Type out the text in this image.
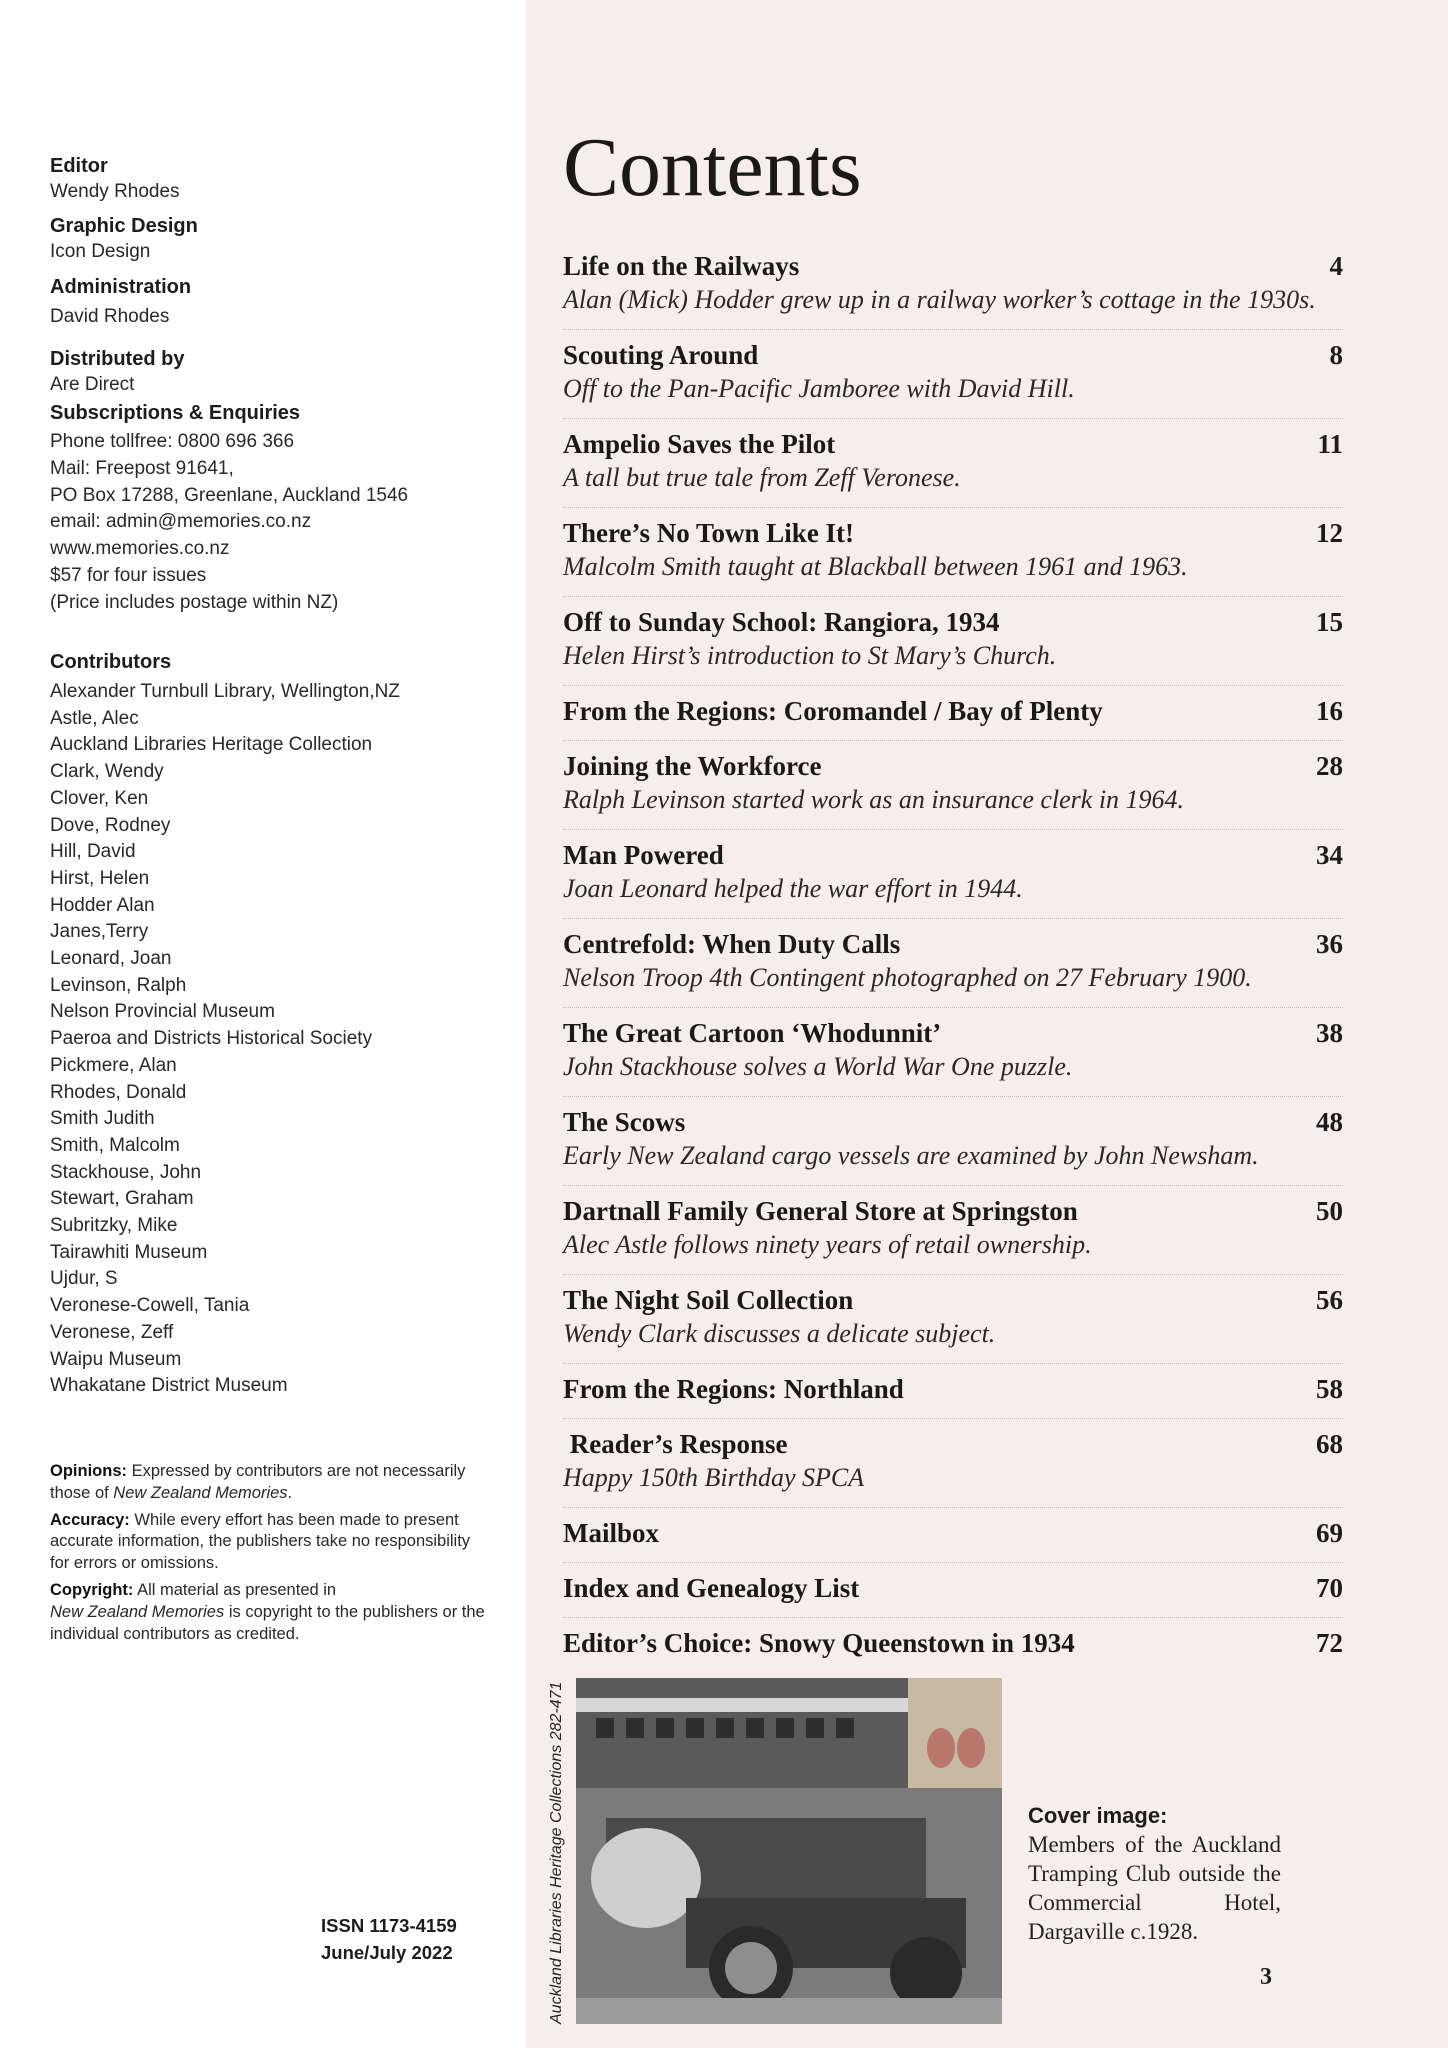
Editor
Wendy Rhodes
Graphic Design
Icon Design
Administration
David Rhodes
Distributed by
Are Direct
Subscriptions & Enquiries
Phone tollfree: 0800 696 366
Mail: Freepost 91641,
PO Box 17288, Greenlane, Auckland 1546
email: admin@memories.co.nz
www.memories.co.nz
$57 for four issues
(Price includes postage within NZ)
Contributors
Alexander Turnbull Library, Wellington,NZ
Astle, Alec
Auckland Libraries Heritage Collection
Clark, Wendy
Clover, Ken
Dove, Rodney
Hill, David
Hirst, Helen
Hodder Alan
Janes,Terry
Leonard, Joan
Levinson, Ralph
Nelson Provincial Museum
Paeroa and Districts Historical Society
Pickmere, Alan
Rhodes, Donald
Smith Judith
Smith, Malcolm
Stackhouse, John
Stewart, Graham
Subritzky, Mike
Tairawhiti Museum
Ujdur, S
Veronese-Cowell, Tania
Veronese, Zeff
Waipu Museum
Whakatane District Museum

Opinions: Expressed by contributors are not necessarily those of New Zealand Memories.

Accuracy: While every effort has been made to present accurate information, the publishers take no responsibility for errors or omissions.

Copyright: All material as presented in
New Zealand Memories is copyright to the publishers or the individual contributors as credited.

ISSN 1173-4159
June/July 2022
Contents
Life on the Railways	4
Alan (Mick) Hodder grew up in a railway worker’s cottage in the 1930s.
Scouting Around	8
Off to the Pan-Pacific Jamboree with David Hill.
Ampelio Saves the Pilot	11
A tall but true tale from Zeff Veronese.
There’s No Town Like It!	12
Malcolm Smith taught at Blackball between 1961 and 1963.
Off to Sunday School: Rangiora, 1934	15
Helen Hirst’s introduction to St Mary’s Church.
From the Regions: Coromandel / Bay of Plenty	16
Joining the Workforce	28
Ralph Levinson started work as an insurance clerk in 1964.
Man Powered	34
Joan Leonard helped the war effort in 1944.
Centrefold: When Duty Calls	36
Nelson Troop 4th Contingent photographed on 27 February 1900.
The Great Cartoon ‘Whodunnit’	38
John Stackhouse solves a World War One puzzle.
The Scows	48
Early New Zealand cargo vessels are examined by John Newsham.
Dartnall Family General Store at Springston	50
Alec Astle follows ninety years of retail ownership.
The Night Soil Collection	56
Wendy Clark discusses a delicate subject.
From the Regions: Northland	58
Reader’s Response	68
Happy 150th Birthday SPCA
Mailbox	69
Index and Genealogy List	70
Editor’s Choice: Snowy Queenstown in 1934	72
Auckland Libraries Heritage Collections 282-471	Cover image:
Members of the Auckland Tramping Club outside the Commercial Hotel, Dargaville c.1928.
3
